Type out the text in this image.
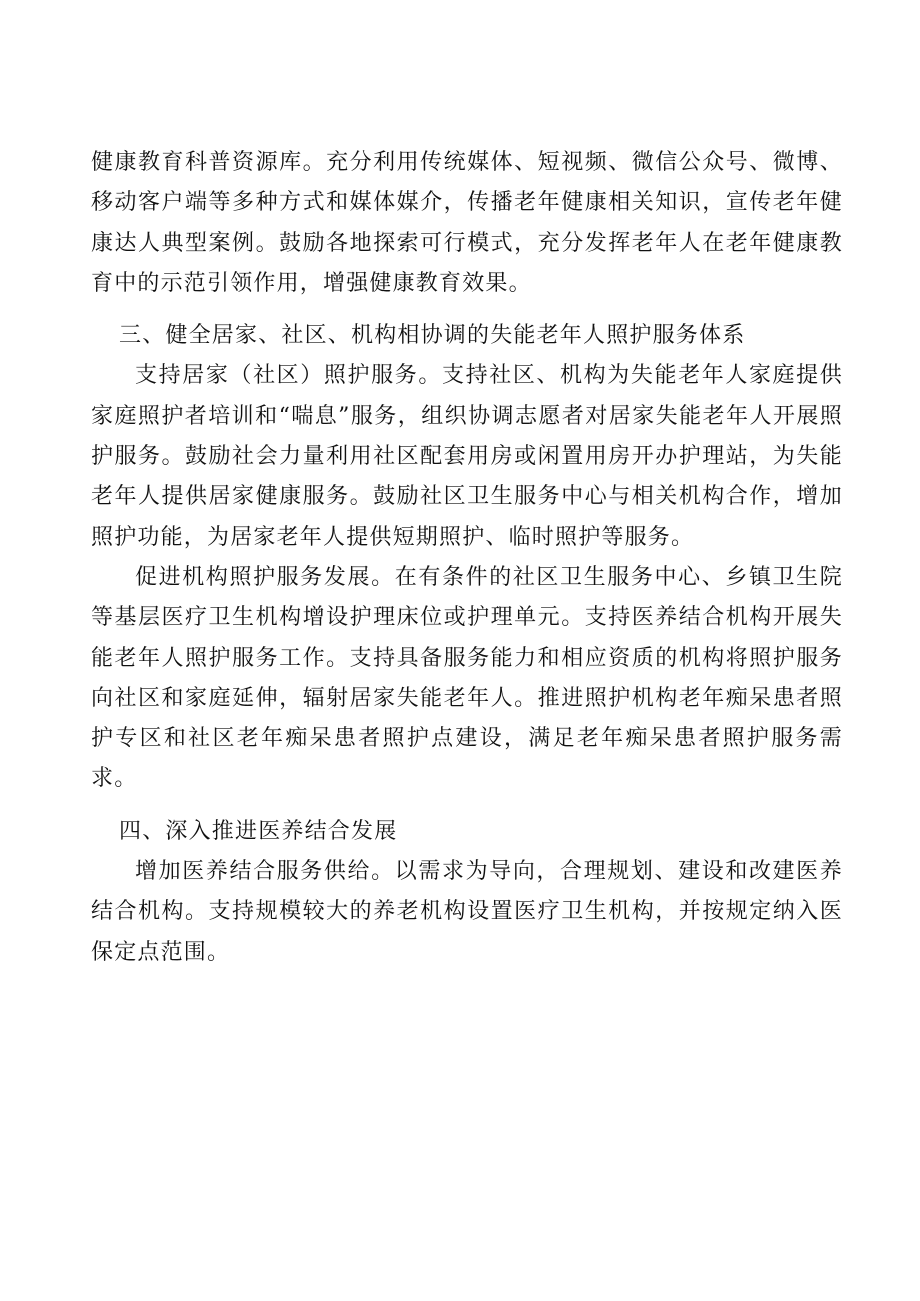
健康教育科普资源库。充分利用传统媒体、短视频、微信公众号、微博、移动客户端等多种方式和媒体媒介，传播老年健康相关知识，宣传老年健康达人典型案例。鼓励各地探索可行模式，充分发挥老年人在老年健康教育中的示范引领作用，增强健康教育效果。

三、健全居家、社区、机构相协调的失能老年人照护服务体系

支持居家（社区）照护服务。支持社区、机构为失能老年人家庭提供家庭照护者培训和“喘息”服务，组织协调志愿者对居家失能老年人开展照护服务。鼓励社会力量利用社区配套用房或闲置用房开办护理站，为失能老年人提供居家健康服务。鼓励社区卫生服务中心与相关机构合作，增加照护功能，为居家老年人提供短期照护、临时照护等服务。

促进机构照护服务发展。在有条件的社区卫生服务中心、乡镇卫生院等基层医疗卫生机构增设护理床位或护理单元。支持医养结合机构开展失能老年人照护服务工作。支持具备服务能力和相应资质的机构将照护服务向社区和家庭延伸，辐射居家失能老年人。推进照护机构老年痴呆患者照护专区和社区老年痴呆患者照护点建设，满足老年痴呆患者照护服务需求。

四、深入推进医养结合发展

增加医养结合服务供给。以需求为导向，合理规划、建设和改建医养结合机构。支持规模较大的养老机构设置医疗卫生机构，并按规定纳入医保定点范围。
